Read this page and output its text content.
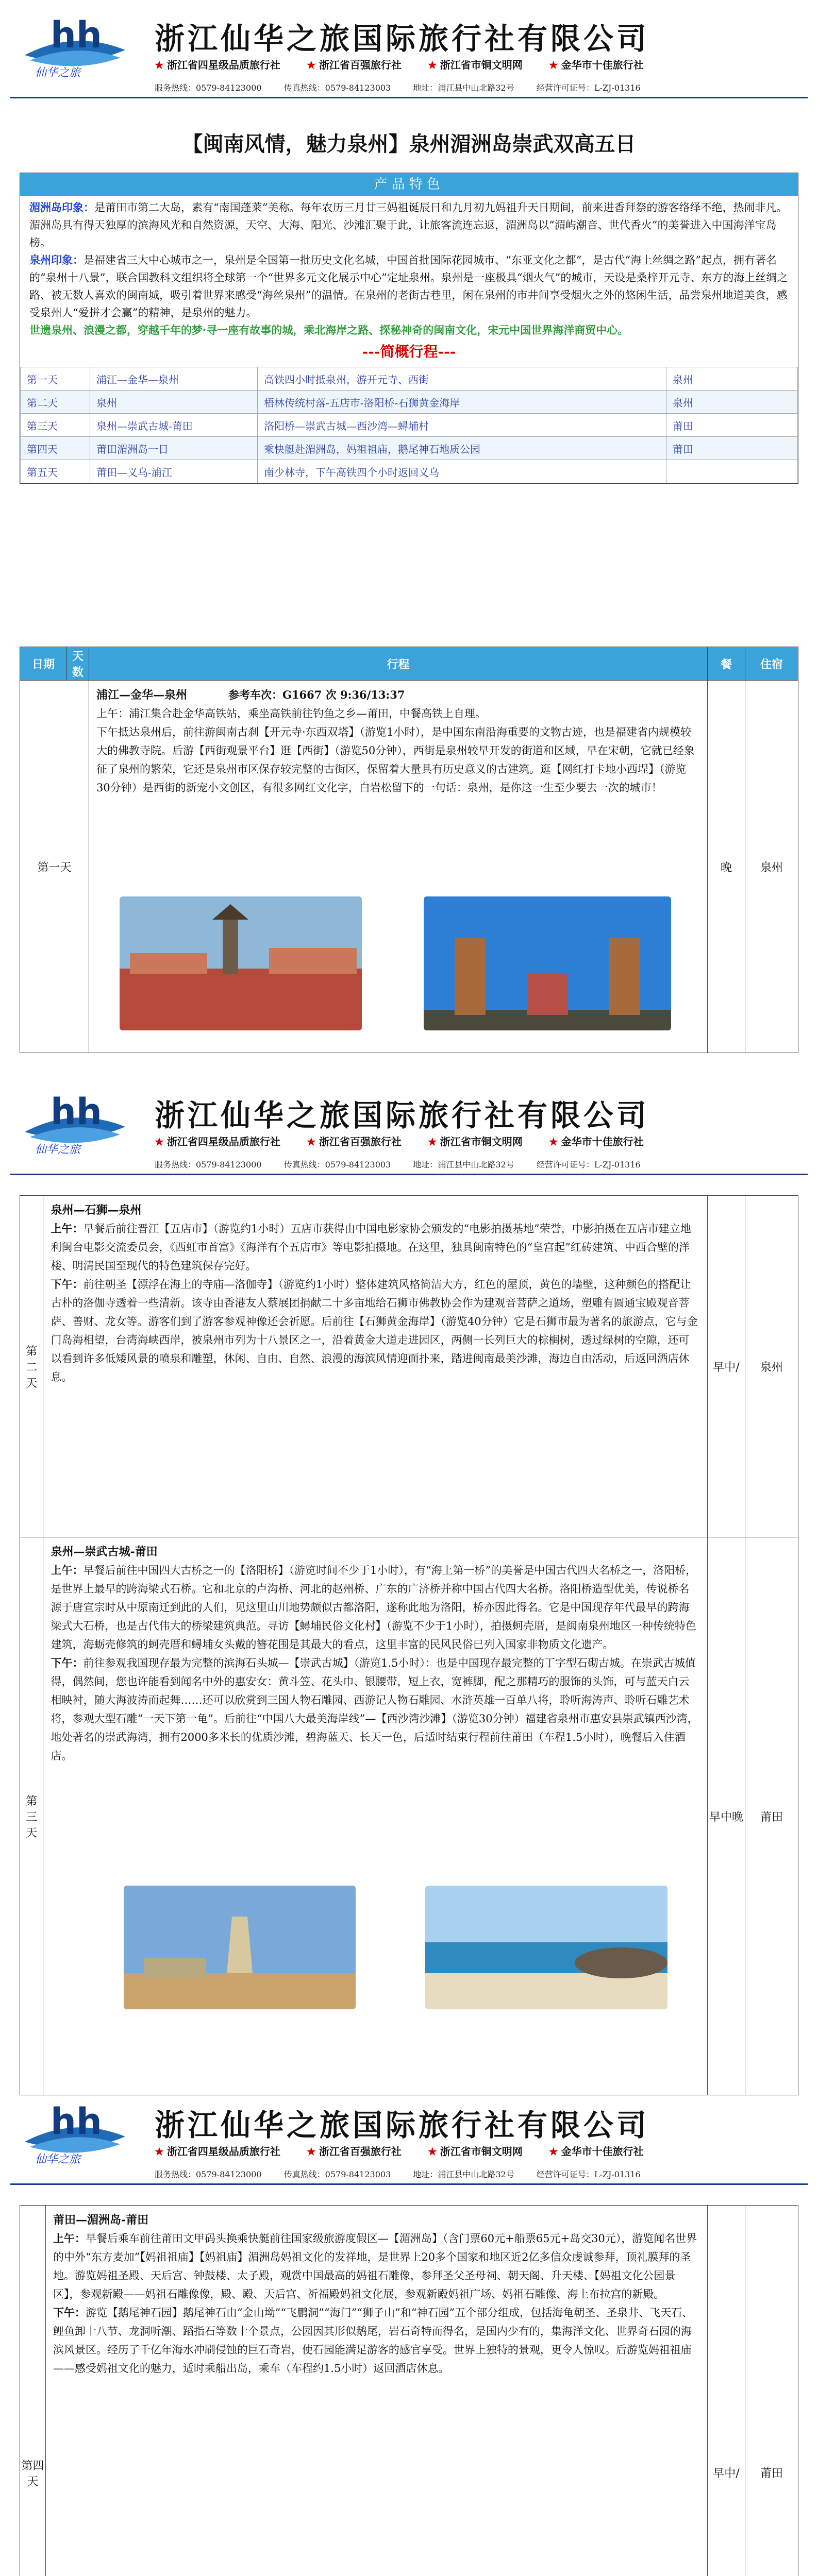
h h
仙华之旅
浙江仙华之旅国际旅行社有限公司
★ 浙江省四星级品质旅行社	★ 浙江省百强旅行社	★ 浙江省市铜文明网	★ 金华市十佳旅行社
服务热线：0579-84123000	传真热线：0579-84123003	地址：浦江县中山北路32号	经营许可证号：L-ZJ-01316
【闽南风情，魅力泉州】泉州湄洲岛崇武双高五日
产品特色
湄洲岛印象：是莆田市第二大岛，素有“南国蓬莱”美称。每年农历三月廿三妈祖诞辰日和九月初九妈祖升天日期间，前来进香拜祭的游客络绎不绝，热闹非凡。湄洲岛具有得天独厚的滨海风光和自然资源，天空、大海、阳光、沙滩汇聚于此，让旅客流连忘返，湄洲岛以“湄屿潮音、世代香火”的美誉进入中国海洋宝岛榜。
泉州印象：是福建省三大中心城市之一，泉州是全国第一批历史文化名城，中国首批国际花园城市、“东亚文化之都”，是古代“海上丝绸之路”起点，拥有著名的“泉州十八景”，联合国教科文组织将全球第一个“世界多元文化展示中心”定址泉州。泉州是一座极具“烟火气”的城市，天设是桑梓开元寺、东方的海上丝绸之路、被无数人喜欢的闽南城，吸引着世界来感受“海丝泉州”的温情。在泉州的老街古巷里，闲在泉州的市井间享受烟火之外的悠闲生活，品尝泉州地道美食，感受泉州人“爱拼才会赢”的精神，是泉州的魅力。
世遗泉州、浪漫之都，穿越千年的梦·寻一座有故事的城，乘北海岸之路、探秘神奇的闽南文化，宋元中国世界海洋商贸中心。
---简概行程---
第一天	浦江—金华—泉州	高铁四小时抵泉州，游开元寺、西街	泉州
第二天	泉州	梧林传统村落-五店市-洛阳桥-石狮黄金海岸	泉州
第三天	泉州—崇武古城-莆田	洛阳桥—崇武古城—西沙湾—蟳埔村	莆田
第四天	莆田湄洲岛一日	乘快艇赴湄洲岛，妈祖祖庙，鹅尾神石地质公园	莆田
第五天	莆田—义乌-浦江	南少林寺，下午高铁四个小时返回义乌	
日期	天数	行程	餐	住宿
第一天		浦江—金华—泉州 参考车次：G1667 次 9:36/13:37
上午：浦江集合赴金华高铁站，乘坐高铁前往钓鱼之乡—莆田，中餐高铁上自理。
下午抵达泉州后，前往游闽南古刹【开元寺·东西双塔】（游览1小时），是中国东南沿海重要的文物古迹，也是福建省内规模较大的佛教寺院。后游【西街观景平台】逛【西街】（游览50分钟），西街是泉州较早开发的街道和区域，早在宋朝，它就已经象征了泉州的繁荣，它还是泉州市区保存较完整的古街区，保留着大量具有历史意义的古建筑。逛【网红打卡地小西埕】（游览30分钟）是西街的新宠小文创区，有很多网红文化字，白岩松留下的一句话：泉州，是你这一生至少要去一次的城市！	晚	泉州
h h
仙华之旅
浙江仙华之旅国际旅行社有限公司
★ 浙江省四星级品质旅行社	★ 浙江省百强旅行社	★ 浙江省市铜文明网	★ 金华市十佳旅行社
服务热线：0579-84123000	传真热线：0579-84123003	地址：浦江县中山北路32号	经营许可证号：L-ZJ-01316
第二天	泉州—石狮—泉州
上午：早餐后前往晋江【五店市】（游览约1小时）五店市获得由中国电影家协会颁发的“电影拍摄基地”荣誉，中影拍摄在五店市建立地利闽台电影交流委员会，《西虹市首富》《海洋有个五店市》等电影拍摄地。在这里，独具闽南特色的“皇宫起”红砖建筑、中西合壁的洋楼、明清民国至现代的特色建筑保存完好。
下午：前往朝圣【漂浮在海上的寺庙—洛伽寺】（游览约1小时）整体建筑风格简洁大方，红色的屋顶，黄色的墙壁，这种颜色的搭配让古朴的洛伽寺透着一些清新。该寺由香港友人蔡展团捐献二十多亩地给石狮市佛教协会作为建观音菩萨之道场，塑雕有圆通宝殿观音菩萨、善财、龙女等。游客们到了游客参观神像还会祈愿。后前往【石狮黄金海岸】（游览40分钟）它是石狮市最为著名的旅游点，它与金门岛海相望，台湾海峡西岸，被泉州市列为十八景区之一，沿着黄金大道走进园区，两侧一长列巨大的棕榈树，透过绿树的空隙，还可以看到许多低矮风景的喷泉和雕塑，休闲、自由、自然、浪漫的海滨风情迎面扑来，踏进闽南最美沙滩，海边自由活动，后返回酒店休息。	早中/	泉州
第三天	泉州—崇武古城-莆田
上午：早餐后前往中国四大古桥之一的【洛阳桥】（游览时间不少于1小时），有“海上第一桥”的美誉是中国古代四大名桥之一，洛阳桥，是世界上最早的跨海梁式石桥。它和北京的卢沟桥、河北的赵州桥、广东的广济桥并称中国古代四大名桥。洛阳桥造型优美，传说桥名源于唐宣宗时从中原南迁到此的人们，见这里山川地势颇似古都洛阳，遂称此地为洛阳，桥亦因此得名。它是中国现存年代最早的跨海梁式大石桥，也是古代伟大的桥梁建筑典范。寻访【蟳埔民俗文化村】（游览不少于1小时），拍摄蚵壳厝，是闽南泉州地区一种传统特色建筑，海蛎壳修筑的蚵壳厝和蟳埔女头戴的簪花围是其最大的看点，这里丰富的民风民俗已列入国家非物质文化遗产。
下午：前往参观我国现存最为完整的滨海石头城—【崇武古城】（游览1.5小时）：也是中国现存最完整的丁字型石砌古城。在崇武古城值得，偶然间，您也许能看到闻名中外的惠安女：黄斗笠、花头巾、银腰带，短上衣，宽裤脚，配之那精巧的服饰的头饰，可与蓝天白云相映衬，随大海波涛而起舞……还可以欣赏到三国人物石雕园、西游记人物石雕园、水浒英雄一百单八将，聆听海涛声、聆听石雕艺术将，参观大型石雕“一天下第一龟”。后前往“中国八大最美海岸线”—【西沙湾沙滩】（游览30分钟）福建省泉州市惠安县崇武镇西沙湾，地处著名的崇武海湾，拥有2000多米长的优质沙滩，碧海蓝天、长天一色，后适时结束行程前往莆田（车程1.5小时），晚餐后入住酒店。	早中晚	莆田
h h
仙华之旅
浙江仙华之旅国际旅行社有限公司
★ 浙江省四星级品质旅行社	★ 浙江省百强旅行社	★ 浙江省市铜文明网	★ 金华市十佳旅行社
服务热线：0579-84123000	传真热线：0579-84123003	地址：浦江县中山北路32号	经营许可证号：L-ZJ-01316
第四天	莆田—湄洲岛-莆田
上午：早餐后乘车前往莆田文甲码头换乘快艇前往国家级旅游度假区—【湄洲岛】（含门票60元+船票65元+岛交30元），游览闻名世界的中外“东方麦加”【妈祖祖庙】【妈祖庙】湄洲岛妈祖文化的发祥地，是世界上20多个国家和地区近2亿多信众虔诚参拜，顶礼膜拜的圣地。游览妈祖圣殿、天后宫、钟鼓楼、太子殿，观赏中国最高的妈祖石雕像，参拜圣父圣母祠、朝天阁、升天楼、【妈祖文化公园景区】，参观新殿——妈祖石雕像像，殿、殿、天后宫、祈福殿妈祖文化展，参观新殿妈祖广场、妈祖石雕像、海上布拉宫的新殿。
下午：游览【鹅尾神石园】鹅尾神石由“金山坳”“飞鹏洞”“海门”“狮子山”和“神石园”五个部分组成，包括海龟朝圣、圣泉井、飞天石、鲤鱼卸十八节、龙洞听潮、蹈指石等数十个景点，公园因其形似鹅尾，岩石奇特而得名，是国内少有的，集海洋文化、世界奇石园的海滨风景区。经历了千亿年海水冲刷侵蚀的巨石奇岩，使石园能满足游客的感官享受。世界上独特的景观，更令人惊叹。后游览妈祖祖庙——感受妈祖文化的魅力，适时乘船出岛，乘车（车程约1.5小时）返回酒店休息。	早中/	莆田
